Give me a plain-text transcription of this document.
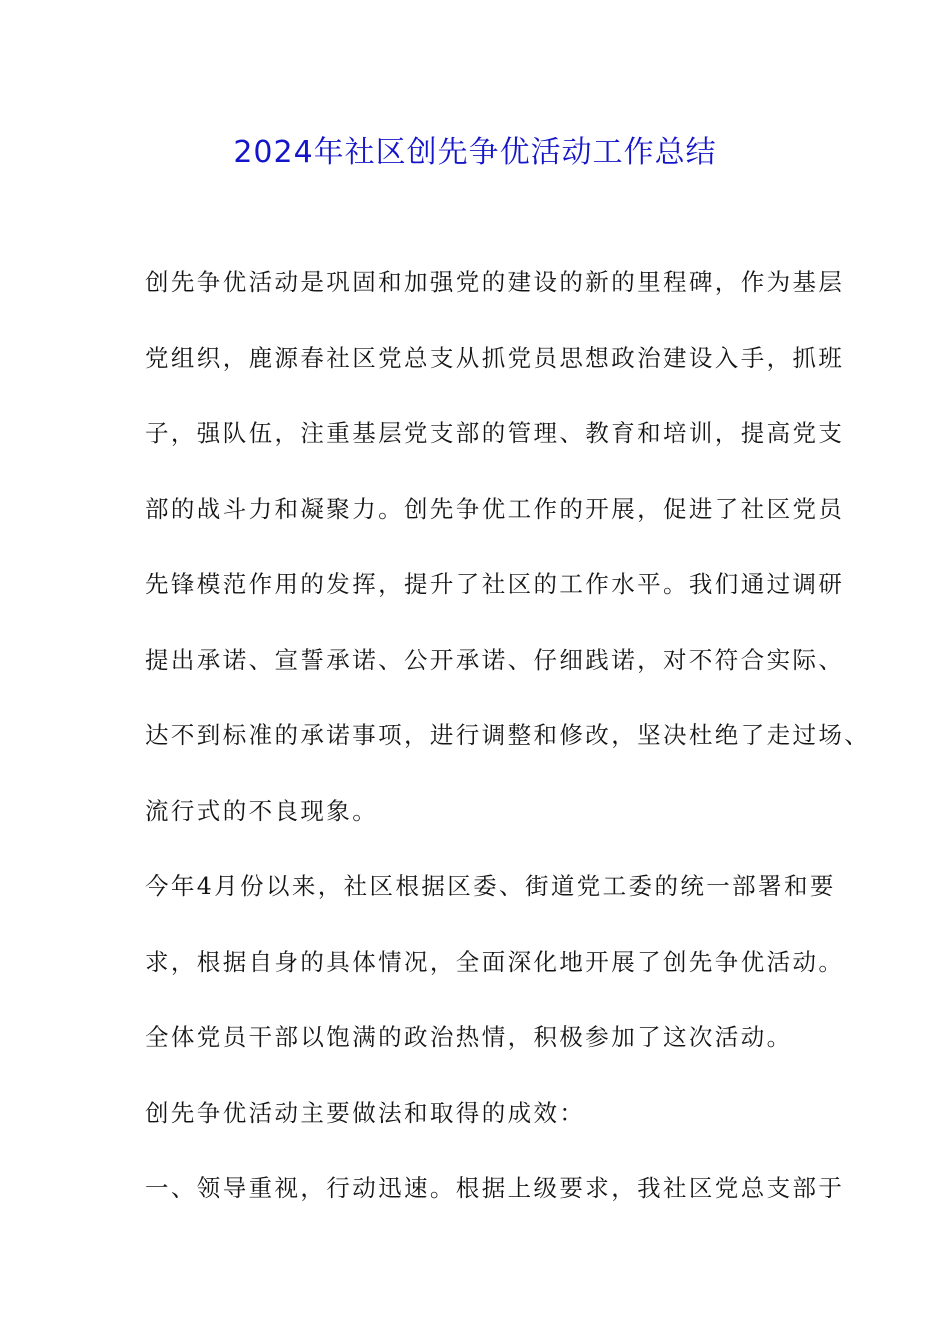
2024年社区创先争优活动工作总结
创先争优活动是巩固和加强党的建设的新的里程碑，作为基层
党组织，鹿源春社区党总支从抓党员思想政治建设入手，抓班
子，强队伍，注重基层党支部的管理、教育和培训，提高党支
部的战斗力和凝聚力。创先争优工作的开展，促进了社区党员
先锋模范作用的发挥，提升了社区的工作水平。我们通过调研
提出承诺、宣誓承诺、公开承诺、仔细践诺，对不符合实际、
达不到标准的承诺事项，进行调整和修改，坚决杜绝了走过场、
流行式的不良现象。
今年4月份以来，社区根据区委、街道党工委的统一部署和要
求，根据自身的具体情况，全面深化地开展了创先争优活动。
全体党员干部以饱满的政治热情，积极参加了这次活动。
创先争优活动主要做法和取得的成效：
一、领导重视，行动迅速。根据上级要求，我社区党总支部于
